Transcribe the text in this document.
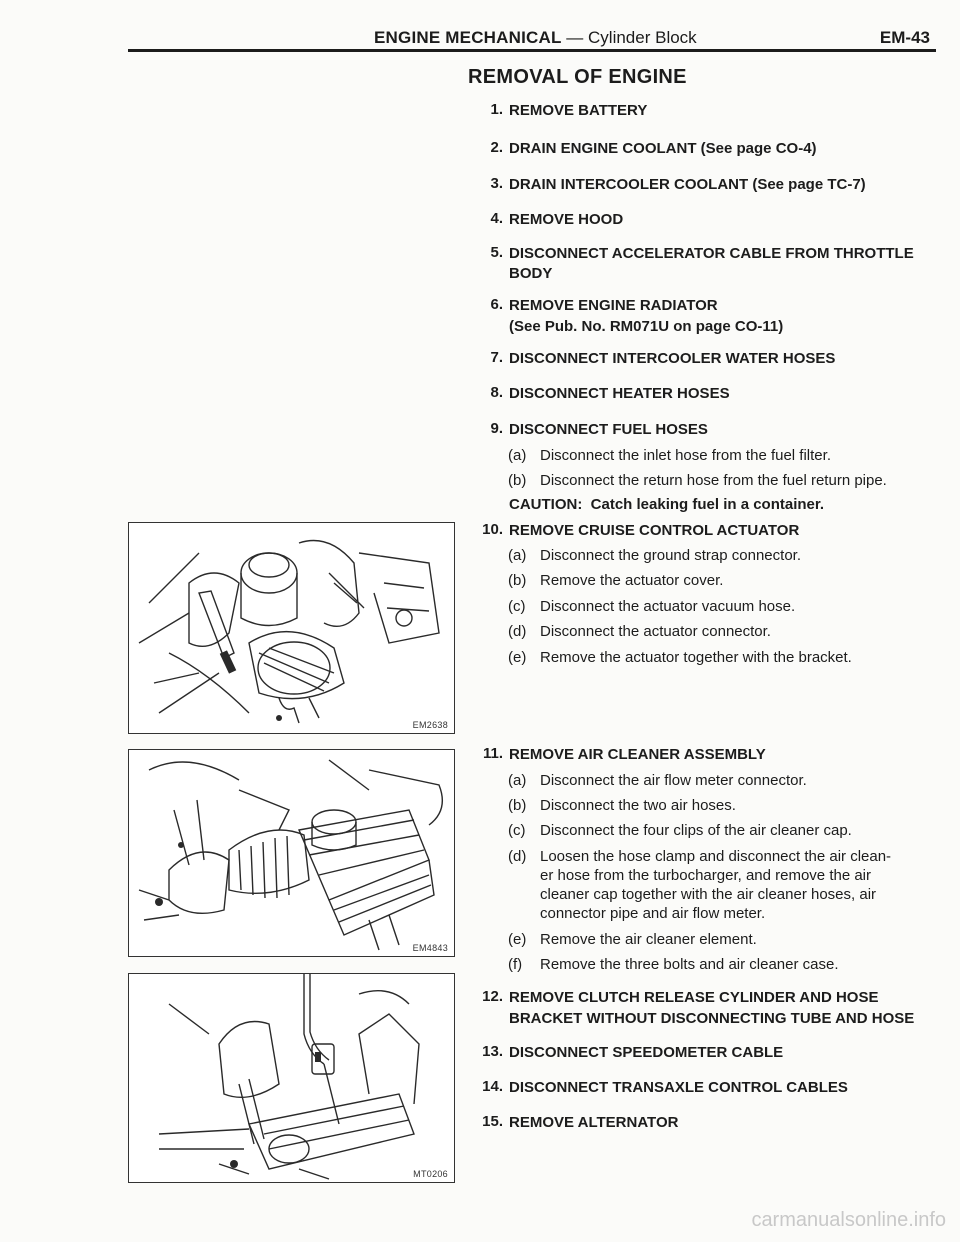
ENGINE MECHANICAL — Cylinder Block	EM-43
REMOVAL OF ENGINE
1. REMOVE BATTERY
2. DRAIN ENGINE COOLANT (See page CO-4)
3. DRAIN INTERCOOLER COOLANT (See page TC-7)
4. REMOVE HOOD
5. DISCONNECT ACCELERATOR CABLE FROM THROTTLE BODY
6. REMOVE ENGINE RADIATOR
(See Pub. No. RM071U on page CO-11)
7. DISCONNECT INTERCOOLER WATER HOSES
8. DISCONNECT HEATER HOSES
9. DISCONNECT FUEL HOSES
(a) Disconnect the inlet hose from the fuel filter.
(b) Disconnect the return hose from the fuel return pipe.
CAUTION: Catch leaking fuel in a container.
10. REMOVE CRUISE CONTROL ACTUATOR
(a) Disconnect the ground strap connector.
(b) Remove the actuator cover.
(c) Disconnect the actuator vacuum hose.
(d) Disconnect the actuator connector.
(e) Remove the actuator together with the bracket.
11. REMOVE AIR CLEANER ASSEMBLY
(a) Disconnect the air flow meter connector.
(b) Disconnect the two air hoses.
(c) Disconnect the four clips of the air cleaner cap.
(d) Loosen the hose clamp and disconnect the air clean-
er hose from the turbocharger, and remove the air
cleaner cap together with the air cleaner hoses, air
connector pipe and air flow meter.
(e) Remove the air cleaner element.
(f)	Remove the three bolts and air cleaner case.
12. REMOVE CLUTCH RELEASE CYLINDER AND HOSE
BRACKET WITHOUT DISCONNECTING TUBE AND HOSE
13. DISCONNECT SPEEDOMETER CABLE
14. DISCONNECT TRANSAXLE CONTROL CABLES
15. REMOVE ALTERNATOR
EM2638
EM4843
MT0206
carmanualsonline.info
